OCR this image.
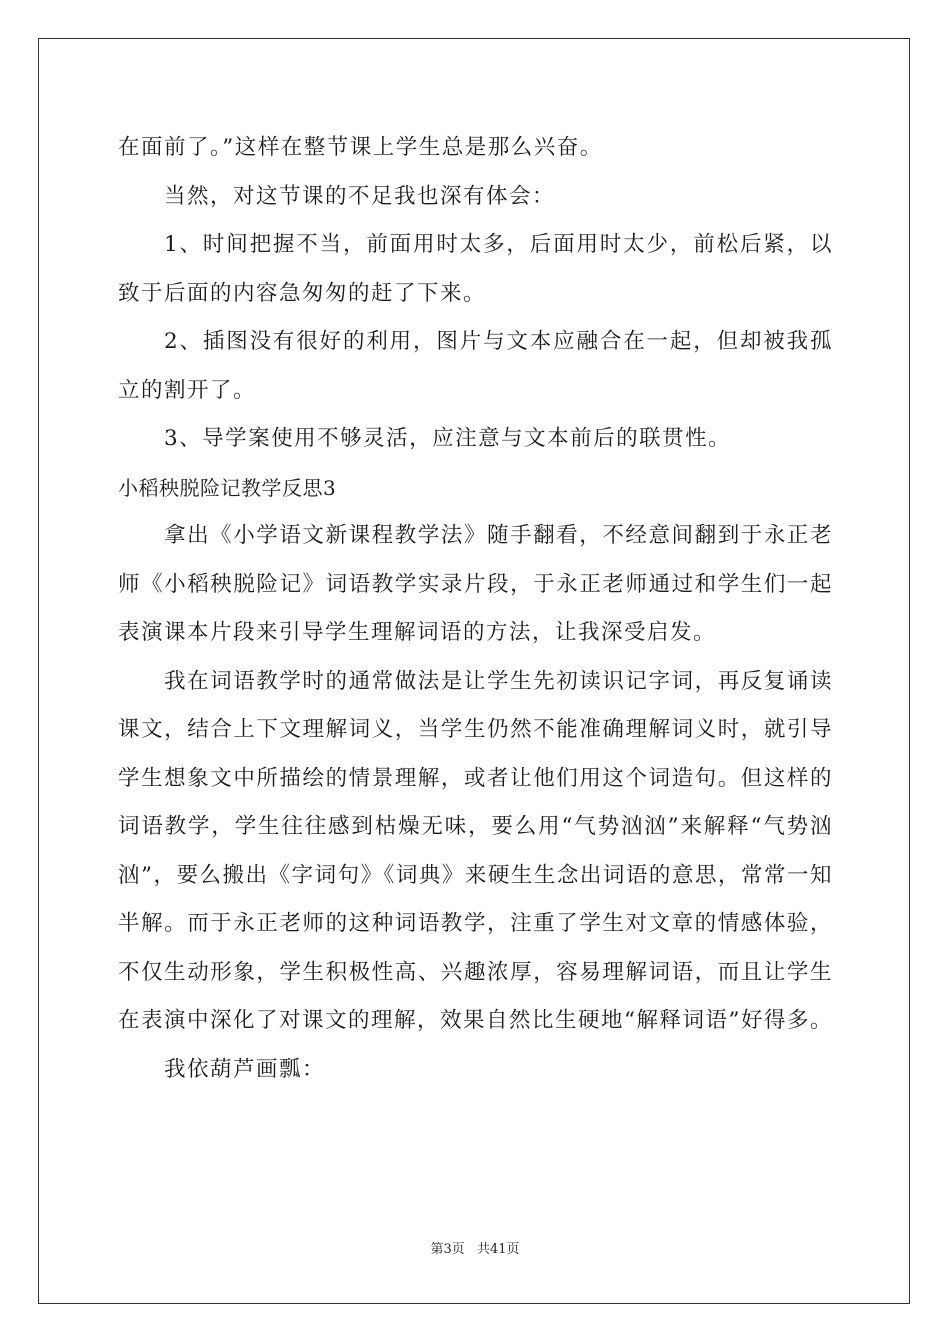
在面前了。”这样在整节课上学生总是那么兴奋。

当然，对这节课的不足我也深有体会：

1、时间把握不当，前面用时太多，后面用时太少，前松后紧，以致于后面的内容急匆匆的赶了下来。

2、插图没有很好的利用，图片与文本应融合在一起，但却被我孤立的割开了。

3、导学案使用不够灵活，应注意与文本前后的联贯性。

小稻秧脱险记教学反思3

拿出《小学语文新课程教学法》随手翻看，不经意间翻到于永正老师《小稻秧脱险记》词语教学实录片段，于永正老师通过和学生们一起表演课本片段来引导学生理解词语的方法，让我深受启发。

我在词语教学时的通常做法是让学生先初读识记字词，再反复诵读课文，结合上下文理解词义，当学生仍然不能准确理解词义时，就引导学生想象文中所描绘的情景理解，或者让他们用这个词造句。但这样的词语教学，学生往往感到枯燥无味，要么用“气势汹汹”来解释“气势汹汹”，要么搬出《字词句》《词典》来硬生生念出词语的意思，常常一知半解。而于永正老师的这种词语教学，注重了学生对文章的情感体验，不仅生动形象，学生积极性高、兴趣浓厚，容易理解词语，而且让学生在表演中深化了对课文的理解，效果自然比生硬地“解释词语”好得多。

我依葫芦画瓢：

第3页 共41页
